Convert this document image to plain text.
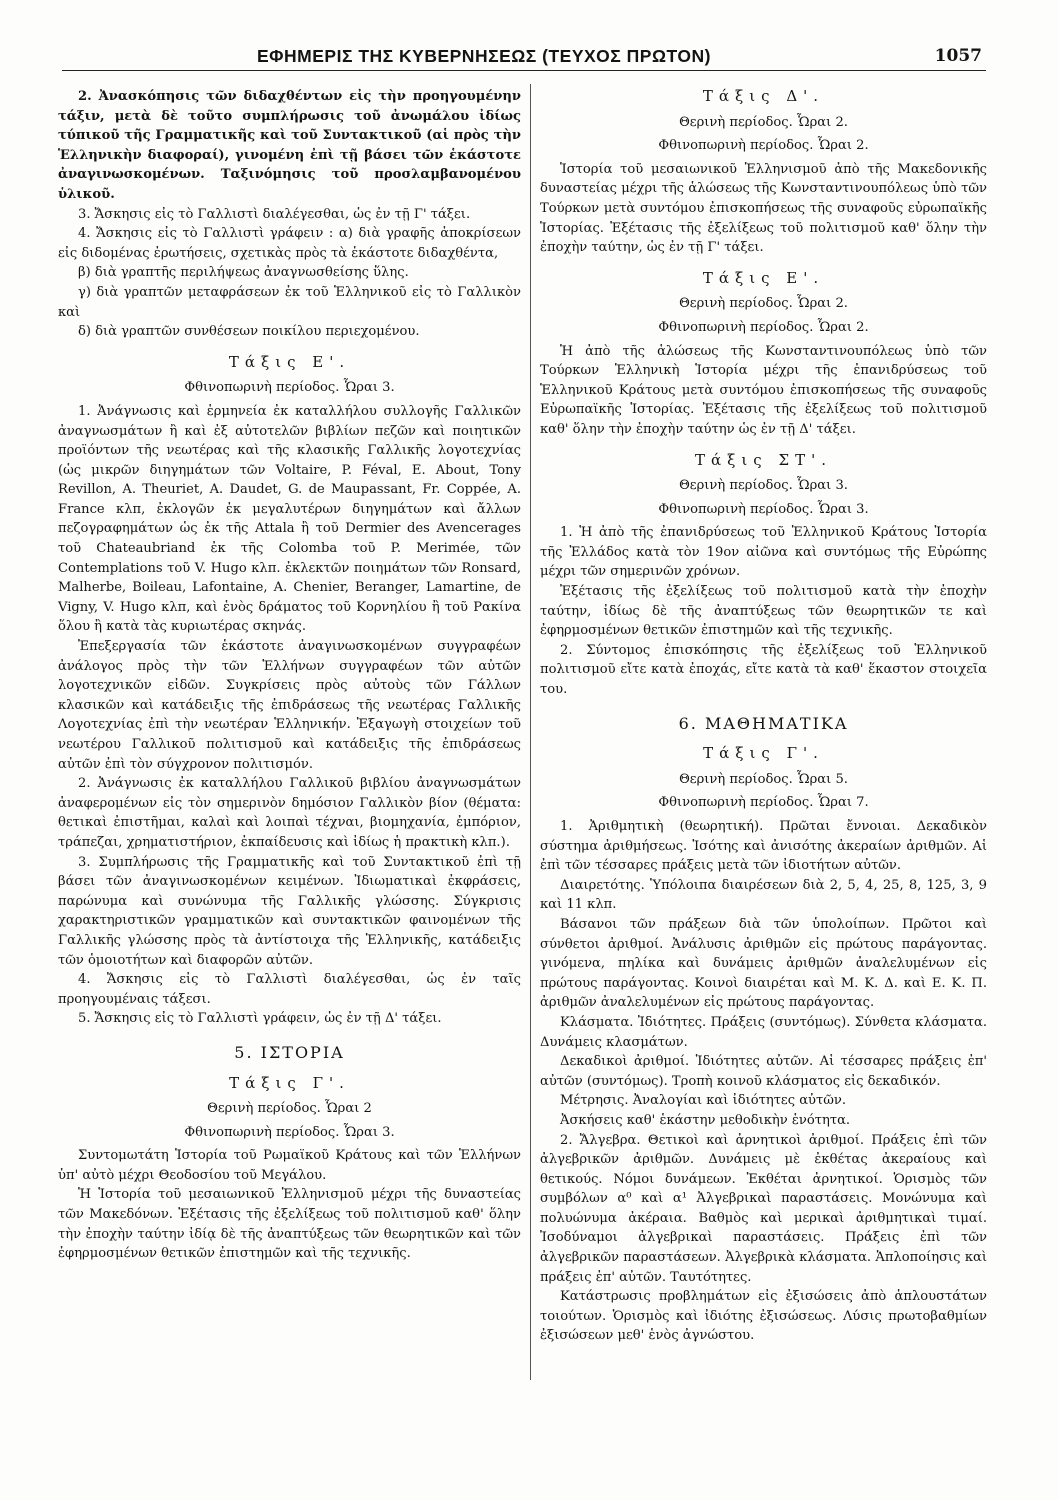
ΕΦΗΜΕΡΙΣ ΤΗΣ ΚΥΒΕΡΝΗΣΕΩΣ (ΤΕΥΧΟΣ ΠΡΩΤΟΝ)	1057

2. Ἀνασκόπησις τῶν διδαχθέντων εἰς τὴν προηγουμένην τάξιν, μετὰ δὲ τοῦτο συμπλήρωσις τοῦ ἀνωμάλου ἰδίως τύπικοῦ τῆς Γραμματικῆς καὶ τοῦ Συντακτικοῦ (αἱ πρὸς τὴν Ἑλληνικὴν διαφοραί), γινομένη ἐπὶ τῇ βάσει τῶν ἑκάστοτε ἀναγινωσκομένων. Ταξινόμησις τοῦ προσλαμβανομένου ὑλικοῦ.

3. Ἄσκησις εἰς τὸ Γαλλιστὶ διαλέγεσθαι, ὡς ἐν τῇ Γ' τάξει.

4. Ἄσκησις εἰς τὸ Γαλλιστὶ γράφειν : α) διὰ γραφῆς ἀποκρίσεων εἰς διδομένας ἐρωτήσεις, σχετικὰς πρὸς τὰ ἑκάστοτε διδαχθέντα,

β) διὰ γραπτῆς περιλήψεως ἀναγνωσθείσης ὕλης.

γ) διὰ γραπτῶν μεταφράσεων ἐκ τοῦ Ἑλληνικοῦ εἰς τὸ Γαλλικὸν καὶ

δ) διὰ γραπτῶν συνθέσεων ποικίλου περιεχομένου.

Τάξις Ε'.
Φθινοπωρινὴ περίοδος. Ὧραι 3.

1. Ἀνάγνωσις καὶ ἑρμηνεία ἐκ καταλλήλου συλλογῆς Γαλλικῶν ἀναγνωσμάτων ἢ καὶ ἐξ αὐτοτελῶν βιβλίων πεζῶν καὶ ποιητικῶν προϊόντων τῆς νεωτέρας καὶ τῆς κλασικῆς Γαλλικῆς λογοτεχνίας (ὡς μικρῶν διηγημάτων τῶν Voltaire, P. Féval, E. About, Tony Revillon, A. Theuriet, A. Daudet, G. de Maupassant, Fr. Coppée, A. France κλπ, ἐκλογῶν ἐκ μεγαλυτέρων διηγημάτων καὶ ἄλλων πεζογραφημάτων ὡς ἐκ τῆς Attala ἢ τοῦ Dermier des Avencerages τοῦ Chateaubriand ἐκ τῆς Colomba τοῦ P. Merimée, τῶν Contemplations τοῦ V. Hugo κλπ. ἐκλεκτῶν ποιημάτων τῶν Ronsard, Malherbe, Boileau, Lafontaine, A. Chenier, Beranger, Lamartine, de Vigny, V. Hugo κλπ, καὶ ἑνὸς δράματος τοῦ Κορνηλίου ἢ τοῦ Ρακίνα ὅλου ἢ κατὰ τὰς κυριωτέρας σκηνάς.

Ἐπεξεργασία τῶν ἑκάστοτε ἀναγινωσκομένων συγγραφέων ἀνάλογος πρὸς τὴν τῶν Ἑλλήνων συγγραφέων τῶν αὐτῶν λογοτεχνικῶν εἰδῶν. Συγκρίσεις πρὸς αὐτοὺς τῶν Γάλλων κλασικῶν καὶ κατάδειξις τῆς ἐπιδράσεως τῆς νεωτέρας Γαλλικῆς Λογοτεχνίας ἐπὶ τὴν νεωτέραν Ἑλληνικήν. Ἐξαγωγὴ στοιχείων τοῦ νεωτέρου Γαλλικοῦ πολιτισμοῦ καὶ κατάδειξις τῆς ἐπιδράσεως αὐτῶν ἐπὶ τὸν σύγχρονον πολιτισμόν.

2. Ἀνάγνωσις ἐκ καταλλήλου Γαλλικοῦ βιβλίου ἀναγνωσμάτων ἀναφερομένων εἰς τὸν σημερινὸν δημόσιον Γαλλικὸν βίον (θέματα: θετικαὶ ἐπιστῆμαι, καλαὶ καὶ λοιπαὶ τέχναι, βιομηχανία, ἐμπόριον, τράπεζαι, χρηματιστήριον, ἐκπαίδευσις καὶ ἰδίως ἡ πρακτικὴ κλπ.).

3. Συμπλήρωσις τῆς Γραμματικῆς καὶ τοῦ Συντακτικοῦ ἐπὶ τῇ βάσει τῶν ἀναγινωσκομένων κειμένων. Ἰδιωματικαὶ ἐκφράσεις, παρώνυμα καὶ συνώνυμα τῆς Γαλλικῆς γλώσσης. Σύγκρισις χαρακτηριστικῶν γραμματικῶν καὶ συντακτικῶν φαινομένων τῆς Γαλλικῆς γλώσσης πρὸς τὰ ἀντίστοιχα τῆς Ἑλληνικῆς, κατάδειξις τῶν ὁμοιοτήτων καὶ διαφορῶν αὐτῶν.

4. Ἄσκησις εἰς τὸ Γαλλιστὶ διαλέγεσθαι, ὡς ἐν ταῖς προηγουμέναις τάξεσι.

5. Ἄσκησις εἰς τὸ Γαλλιστὶ γράφειν, ὡς ἐν τῇ Δ' τάξει.

5. ΙΣΤΟΡΙΑ
Τάξις Γ'.
Θερινὴ περίοδος. Ὧραι 2
Φθινοπωρινὴ περίοδος. Ὧραι 3.

Συντομωτάτη Ἱστορία τοῦ Ρωμαϊκοῦ Κράτους καὶ τῶν Ἑλλήνων ὑπ' αὐτὸ μέχρι Θεοδοσίου τοῦ Μεγάλου.

Ἡ Ἱστορία τοῦ μεσαιωνικοῦ Ἑλληνισμοῦ μέχρι τῆς δυναστείας τῶν Μακεδόνων. Ἐξέτασις τῆς ἐξελίξεως τοῦ πολιτισμοῦ καθ' ὅλην τὴν ἐποχὴν ταύτην ἰδίᾳ δὲ τῆς ἀναπτύξεως τῶν θεωρητικῶν καὶ τῶν ἐφηρμοσμένων θετικῶν ἐπιστημῶν καὶ τῆς τεχνικῆς.

Τάξις Δ'.
Θερινὴ περίοδος. Ὧραι 2.
Φθινοπωρινὴ περίοδος. Ὧραι 2.

Ἱστορία τοῦ μεσαιωνικοῦ Ἑλληνισμοῦ ἀπὸ τῆς Μακεδονικῆς δυναστείας μέχρι τῆς ἁλώσεως τῆς Κωνσταντινουπόλεως ὑπὸ τῶν Τούρκων μετὰ συντόμου ἐπισκοπήσεως τῆς συναφοῦς εὐρωπαϊκῆς Ἱστορίας. Ἐξέτασις τῆς ἐξελίξεως τοῦ πολιτισμοῦ καθ' ὅλην τὴν ἐποχὴν ταύτην, ὡς ἐν τῇ Γ' τάξει.

Τάξις Ε'.
Θερινὴ περίοδος. Ὧραι 2.
Φθινοπωρινὴ περίοδος. Ὧραι 2.

Ἡ ἀπὸ τῆς ἁλώσεως τῆς Κωνσταντινουπόλεως ὑπὸ τῶν Τούρκων Ἑλληνικὴ Ἱστορία μέχρι τῆς ἐπανιδρύσεως τοῦ Ἑλληνικοῦ Κράτους μετὰ συντόμου ἐπισκοπήσεως τῆς συναφοῦς Εὐρωπαϊκῆς Ἱστορίας. Ἐξέτασις τῆς ἐξελίξεως τοῦ πολιτισμοῦ καθ' ὅλην τὴν ἐποχὴν ταύτην ὡς ἐν τῇ Δ' τάξει.

Τάξις ΣΤ'.
Θερινὴ περίοδος. Ὧραι 3.
Φθινοπωρινὴ περίοδος. Ὧραι 3.

1. Ἡ ἀπὸ τῆς ἐπανιδρύσεως τοῦ Ἑλληνικοῦ Κράτους Ἱστορία τῆς Ἑλλάδος κατὰ τὸν 19ον αἰῶνα καὶ συντόμως τῆς Εὐρώπης μέχρι τῶν σημερινῶν χρόνων.

Ἐξέτασις τῆς ἐξελίξεως τοῦ πολιτισμοῦ κατὰ τὴν ἐποχὴν ταύτην, ἰδίως δὲ τῆς ἀναπτύξεως τῶν θεωρητικῶν τε καὶ ἐφηρμοσμένων θετικῶν ἐπιστημῶν καὶ τῆς τεχνικῆς.

2. Σύντομος ἐπισκόπησις τῆς ἐξελίξεως τοῦ Ἑλληνικοῦ πολιτισμοῦ εἴτε κατὰ ἐποχάς, εἴτε κατὰ τὰ καθ' ἕκαστον στοιχεῖα του.

6. ΜΑΘΗΜΑΤΙΚΑ
Τάξις Γ'.
Θερινὴ περίοδος. Ὧραι 5.
Φθινοπωρινὴ περίοδος. Ὧραι 7.

1. Ἀριθμητικὴ (θεωρητική). Πρῶται ἔννοιαι. Δεκαδικὸν σύστημα ἀριθμήσεως. Ἰσότης καὶ ἀνισότης ἀκεραίων ἀριθμῶν. Αἱ ἐπὶ τῶν τέσσαρες πράξεις μετὰ τῶν ἰδιοτήτων αὐτῶν.

Διαιρετότης. Ὑπόλοιπα διαιρέσεων διὰ 2, 5, 4, 25, 8, 125, 3, 9 καὶ 11 κλπ.

Βάσανοι τῶν πράξεων διὰ τῶν ὑπολοίπων. Πρῶτοι καὶ σύνθετοι ἀριθμοί. Ἀνάλυσις ἀριθμῶν εἰς πρώτους παράγοντας. γινόμενα, πηλίκα καὶ δυνάμεις ἀριθμῶν ἀναλελυμένων εἰς πρώτους παράγοντας. Κοινοὶ διαιρέται καὶ Μ. Κ. Δ. καὶ Ε. Κ. Π. ἀριθμῶν ἀναλελυμένων εἰς πρώτους παράγοντας.

Κλάσματα. Ἰδιότητες. Πράξεις (συντόμως). Σύνθετα κλάσματα. Δυνάμεις κλασμάτων.

Δεκαδικοὶ ἀριθμοί. Ἰδιότητες αὐτῶν. Αἱ τέσσαρες πράξεις ἐπ' αὐτῶν (συντόμως). Τροπὴ κοινοῦ κλάσματος εἰς δεκαδικόν.

Μέτρησις. Ἀναλογίαι καὶ ἰδιότητες αὐτῶν.

Ἀσκήσεις καθ' ἑκάστην μεθοδικὴν ἑνότητα.

2. Ἄλγεβρα. Θετικοὶ καὶ ἀρνητικοὶ ἀριθμοί. Πράξεις ἐπὶ τῶν ἀλγεβρικῶν ἀριθμῶν. Δυνάμεις μὲ ἐκθέτας ἀκεραίους καὶ θετικούς. Νόμοι δυνάμεων. Ἐκθέται ἀρνητικοί. Ὁρισμὸς τῶν συμβόλων α⁰ καὶ α¹ Ἀλγεβρικαὶ παραστάσεις. Μονώνυμα καὶ πολυώνυμα ἀκέραια. Βαθμὸς καὶ μερικαὶ ἀριθμητικαὶ τιμαί. Ἰσοδύναμοι ἀλγεβρικαὶ παραστάσεις. Πράξεις ἐπὶ τῶν ἀλγεβρικῶν παραστάσεων. Ἀλγεβρικὰ κλάσματα. Ἁπλοποίησις καὶ πράξεις ἐπ' αὐτῶν. Ταυτότητες.

Κατάστρωσις προβλημάτων εἰς ἐξισώσεις ἀπὸ ἁπλουστάτων τοιούτων. Ὁρισμὸς καὶ ἰδιότης ἐξισώσεως. Λύσις πρωτοβαθμίων ἐξισώσεων μεθ' ἑνὸς ἀγνώστου.
